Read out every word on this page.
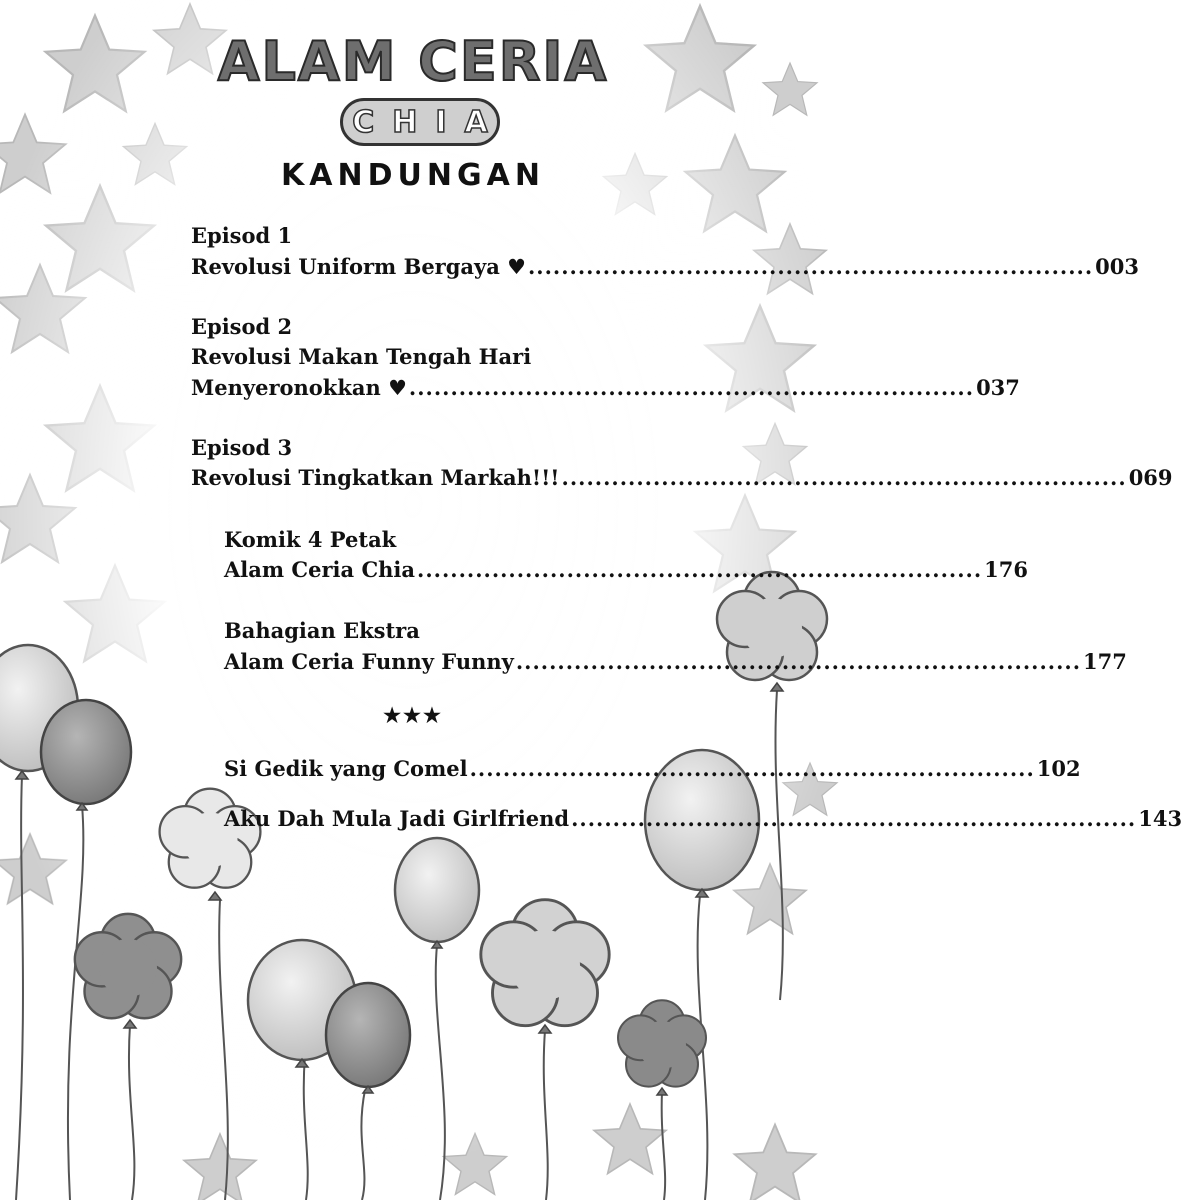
ALAM CERIA
CHIA
KANDUNGAN
Episod 1
Revolusi Uniform Bergaya ♥ .................................................................... 003
Episod 2
Revolusi Makan Tengah Hari
Menyeronokkan ♥ .................................................................... 037
Episod 3
Revolusi Tingkatkan Markah!!! .................................................................... 069
Komik 4 Petak
Alam Ceria Chia .................................................................... 176
Bahagian Ekstra
Alam Ceria Funny Funny .................................................................... 177
★★★
Si Gedik yang Comel .................................................................... 102
Aku Dah Mula Jadi Girlfriend .................................................................... 143
